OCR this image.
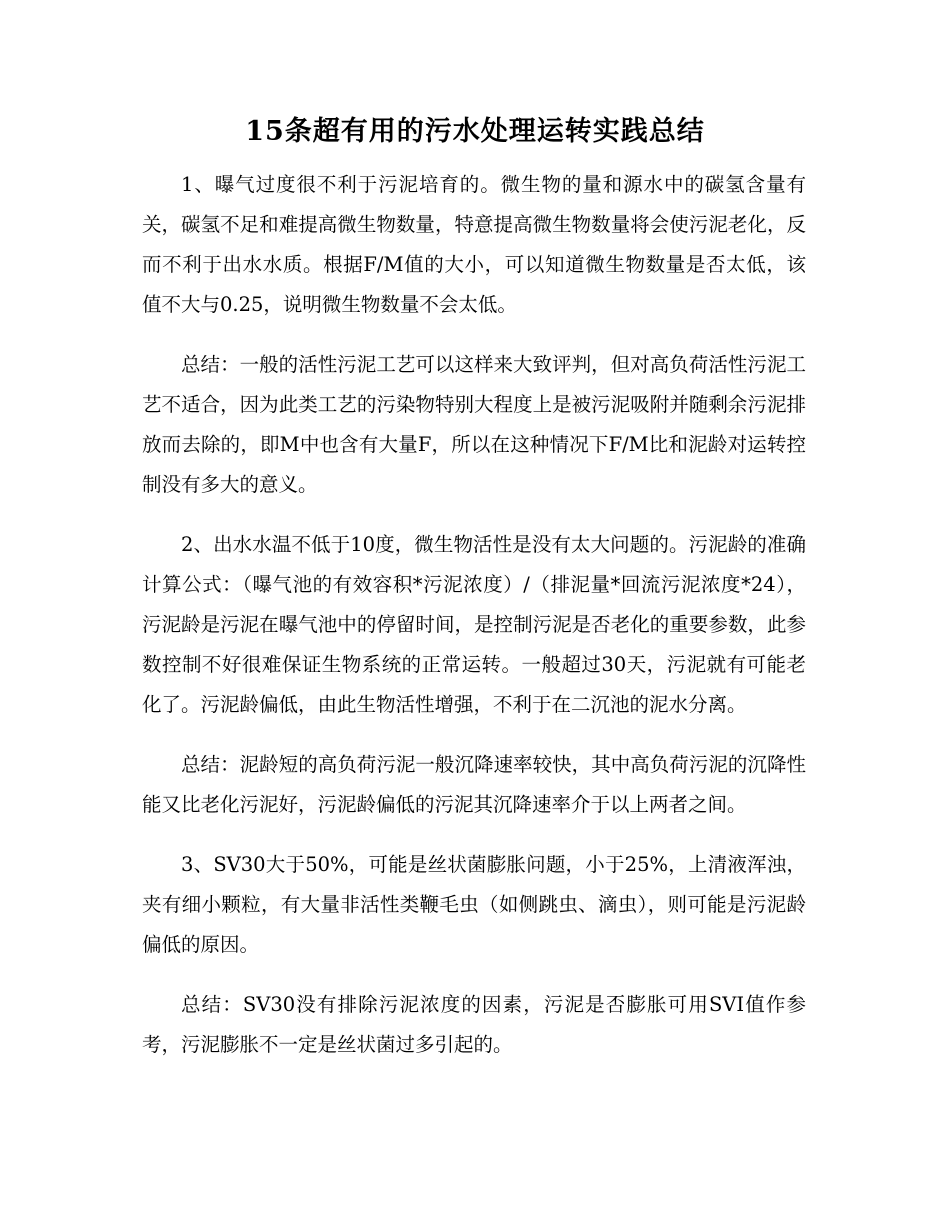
15条超有用的污水处理运转实践总结

1、曝气过度很不利于污泥培育的。微生物的量和源水中的碳氢含量有关，碳氢不足和难提高微生物数量，特意提高微生物数量将会使污泥老化，反而不利于出水水质。根据F/M值的大小，可以知道微生物数量是否太低，该值不大与0.25，说明微生物数量不会太低。

总结：一般的活性污泥工艺可以这样来大致评判，但对高负荷活性污泥工艺不适合，因为此类工艺的污染物特别大程度上是被污泥吸附并随剩余污泥排放而去除的，即M中也含有大量F，所以在这种情况下F/M比和泥龄对运转控制没有多大的意义。

2、出水水温不低于10度，微生物活性是没有太大问题的。污泥龄的准确计算公式：（曝气池的有效容积*污泥浓度）/（排泥量*回流污泥浓度*24），污泥龄是污泥在曝气池中的停留时间，是控制污泥是否老化的重要参数，此参数控制不好很难保证生物系统的正常运转。一般超过30天，污泥就有可能老化了。污泥龄偏低，由此生物活性增强，不利于在二沉池的泥水分离。

总结：泥龄短的高负荷污泥一般沉降速率较快，其中高负荷污泥的沉降性能又比老化污泥好，污泥龄偏低的污泥其沉降速率介于以上两者之间。

3、SV30大于50%，可能是丝状菌膨胀问题，小于25%，上清液浑浊，夹有细小颗粒，有大量非活性类鞭毛虫（如侧跳虫、滴虫），则可能是污泥龄偏低的原因。

总结：SV30没有排除污泥浓度的因素，污泥是否膨胀可用SVI值作参考，污泥膨胀不一定是丝状菌过多引起的。
